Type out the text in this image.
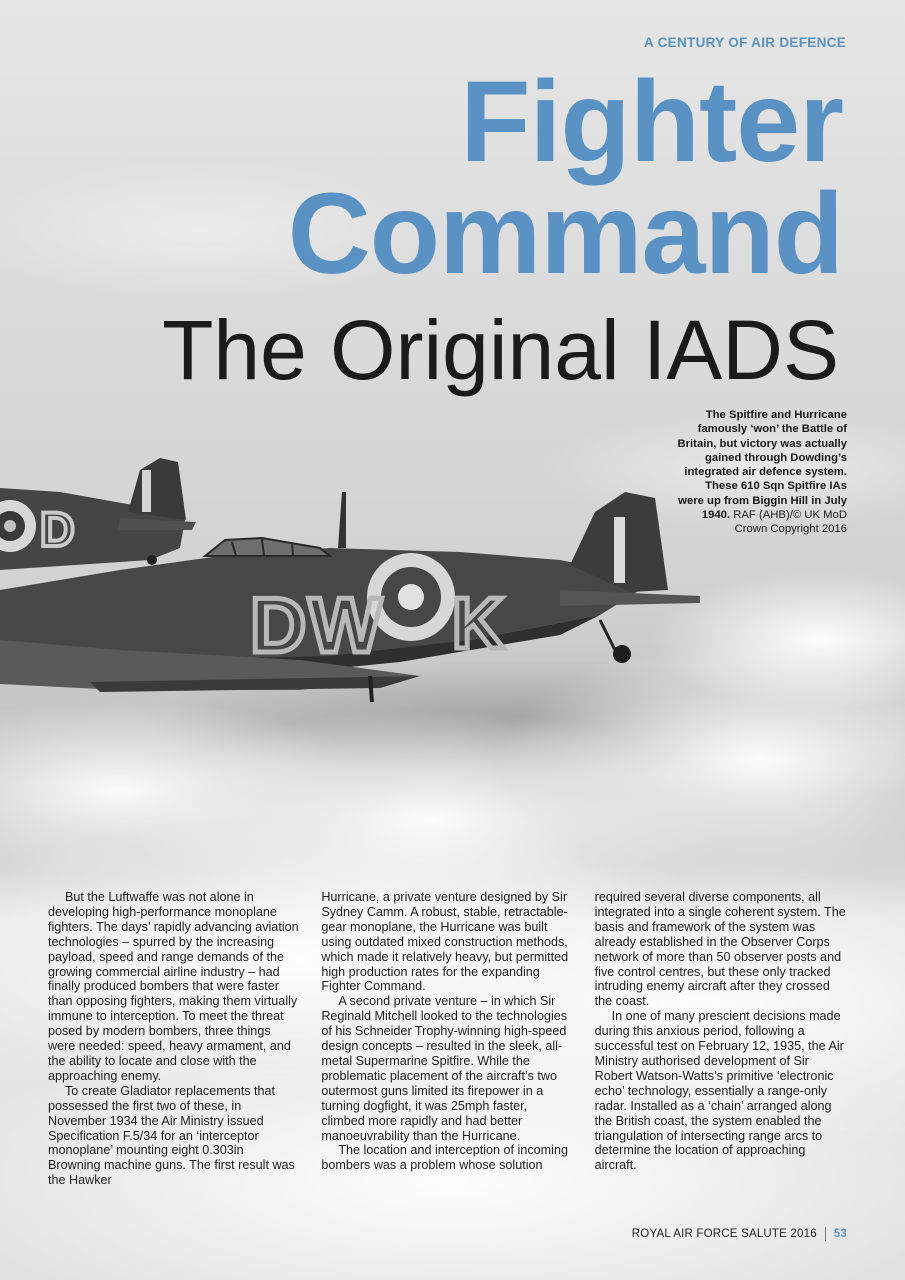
D
DW K
A CENTURY OF AIR DEFENCE
Fighter
Command
The Original IADS
The Spitfire and Hurricane famously ‘won’ the Battle of Britain, but victory was actually gained through Dowding’s integrated air defence system. These 610 Sqn Spitfire IAs were up from Biggin Hill in July 1940. RAF (AHB)/© UK MoD Crown Copyright 2016

But the Luftwaffe was not alone in developing high-performance monoplane fighters. The days’ rapidly advancing aviation technologies – spurred by the increasing payload, speed and range demands of the growing commercial airline industry – had finally produced bombers that were faster than opposing fighters, making them virtually immune to interception. To meet the threat posed by modern bombers, three things were needed: speed, heavy armament, and the ability to locate and close with the approaching enemy.

To create Gladiator replacements that possessed the first two of these, in November 1934 the Air Ministry issued Specification F.5/34 for an ‘interceptor monoplane’ mounting eight 0.303in Browning machine guns. The first result was the Hawker

Hurricane, a private venture designed by Sir Sydney Camm. A robust, stable, retractable-gear monoplane, the Hurricane was built using outdated mixed construction methods, which made it relatively heavy, but permitted high production rates for the expanding Fighter Command.

A second private venture – in which Sir Reginald Mitchell looked to the technologies of his Schneider Trophy-winning high-speed design concepts – resulted in the sleek, all-metal Supermarine Spitfire. While the problematic placement of the aircraft’s two outermost guns limited its firepower in a turning dogfight, it was 25mph faster, climbed more rapidly and had better manoeuvrability than the Hurricane.

The location and interception of incoming bombers was a problem whose solution

required several diverse components, all integrated into a single coherent system. The basis and framework of the system was already established in the Observer Corps network of more than 50 observer posts and five control centres, but these only tracked intruding enemy aircraft after they crossed the coast.

In one of many prescient decisions made during this anxious period, following a successful test on February 12, 1935, the Air Ministry authorised development of Sir Robert Watson-Watts’s primitive ‘electronic echo’ technology, essentially a range-only radar. Installed as a ‘chain’ arranged along the British coast, the system enabled the triangulation of intersecting range arcs to determine the location of approaching aircraft.

ROYAL AIR FORCE SALUTE 2016 53
